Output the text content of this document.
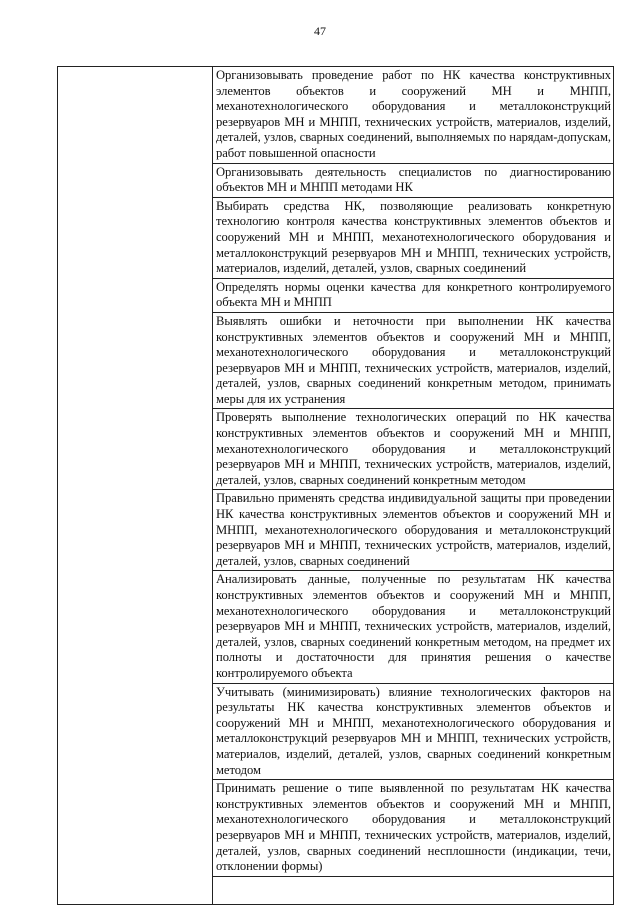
47

Организовывать проведение работ по НК качества конструктивных элементов объектов и сооружений МН и МНПП, механотехнологического оборудования и металлоконструкций резервуаров МН и МНПП, технических устройств, материалов, изделий, деталей, узлов, сварных соединений, выполняемых по нарядам-допускам, работ повышенной опасности
Организовывать деятельность специалистов по диагностированию объектов МН и МНПП методами НК
Выбирать средства НК, позволяющие реализовать конкретную технологию контроля качества конструктивных элементов объектов и сооружений МН и МНПП, механотехнологического оборудования и металлоконструкций резервуаров МН и МНПП, технических устройств, материалов, изделий, деталей, узлов, сварных соединений
Определять нормы оценки качества для конкретного контролируемого объекта МН и МНПП
Выявлять ошибки и неточности при выполнении НК качества конструктивных элементов объектов и сооружений МН и МНПП, механотехнологического оборудования и металлоконструкций резервуаров МН и МНПП, технических устройств, материалов, изделий, деталей, узлов, сварных соединений конкретным методом, принимать меры для их устранения
Проверять выполнение технологических операций по НК качества конструктивных элементов объектов и сооружений МН и МНПП, механотехнологического оборудования и металлоконструкций резервуаров МН и МНПП, технических устройств, материалов, изделий, деталей, узлов, сварных соединений конкретным методом
Правильно применять средства индивидуальной защиты при проведении НК качества конструктивных элементов объектов и сооружений МН и МНПП, механотехнологического оборудования и металлоконструкций резервуаров МН и МНПП, технических устройств, материалов, изделий, деталей, узлов, сварных соединений
Анализировать данные, полученные по результатам НК качества конструктивных элементов объектов и сооружений МН и МНПП, механотехнологического оборудования и металлоконструкций резервуаров МН и МНПП, технических устройств, материалов, изделий, деталей, узлов, сварных соединений конкретным методом, на предмет их полноты и достаточности для принятия решения о качестве контролируемого объекта
Учитывать (минимизировать) влияние технологических факторов на результаты НК качества конструктивных элементов объектов и сооружений МН и МНПП, механотехнологического оборудования и металлоконструкций резервуаров МН и МНПП, технических устройств, материалов, изделий, деталей, узлов, сварных соединений конкретным методом
Принимать решение о типе выявленной по результатам НК качества конструктивных элементов объектов и сооружений МН и МНПП, механотехнологического оборудования и металлоконструкций резервуаров МН и МНПП, технических устройств, материалов, изделий, деталей, узлов, сварных соединений несплошности (индикации, течи, отклонении формы)
